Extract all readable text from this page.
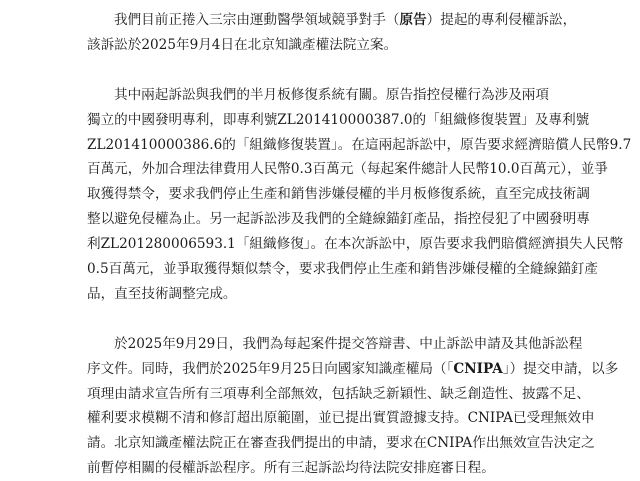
我們目前正捲入三宗由運動醫學領域競爭對手（原告）提起的專利侵權訴訟，
該訴訟於2025年9月4日在北京知識產權法院立案。

其中兩起訴訟與我們的半月板修復系統有關。原告指控侵權行為涉及兩項
獨立的中國發明專利，即專利號ZL201410000387.0的「組織修復裝置」及專利號
ZL201410000386.6的「組織修復裝置」。在這兩起訴訟中，原告要求經濟賠償人民幣9.7
百萬元，外加合理法律費用人民幣0.3百萬元（每起案件總計人民幣10.0百萬元），並爭
取獲得禁令，要求我們停止生產和銷售涉嫌侵權的半月板修復系統，直至完成技術調
整以避免侵權為止。另一起訴訟涉及我們的全縫線錨釘產品，指控侵犯了中國發明專
利ZL201280006593.1「組織修復」。在本次訴訟中，原告要求我們賠償經濟損失人民幣
0.5百萬元，並爭取獲得類似禁令，要求我們停止生產和銷售涉嫌侵權的全縫線錨釘產
品，直至技術調整完成。

於2025年9月29日，我們為每起案件提交答辯書、中止訴訟申請及其他訴訟程
序文件。同時，我們於2025年9月25日向國家知識產權局（「CNIPA」）提交申請，以多
項理由請求宣告所有三項專利全部無效，包括缺乏新穎性、缺乏創造性、披露不足、
權利要求模糊不清和修訂超出原範圍，並已提出實質證據支持。CNIPA已受理無效申
請。北京知識產權法院正在審查我們提出的申請，要求在CNIPA作出無效宣告決定之
前暫停相關的侵權訴訟程序。所有三起訴訟均待法院安排庭審日程。
